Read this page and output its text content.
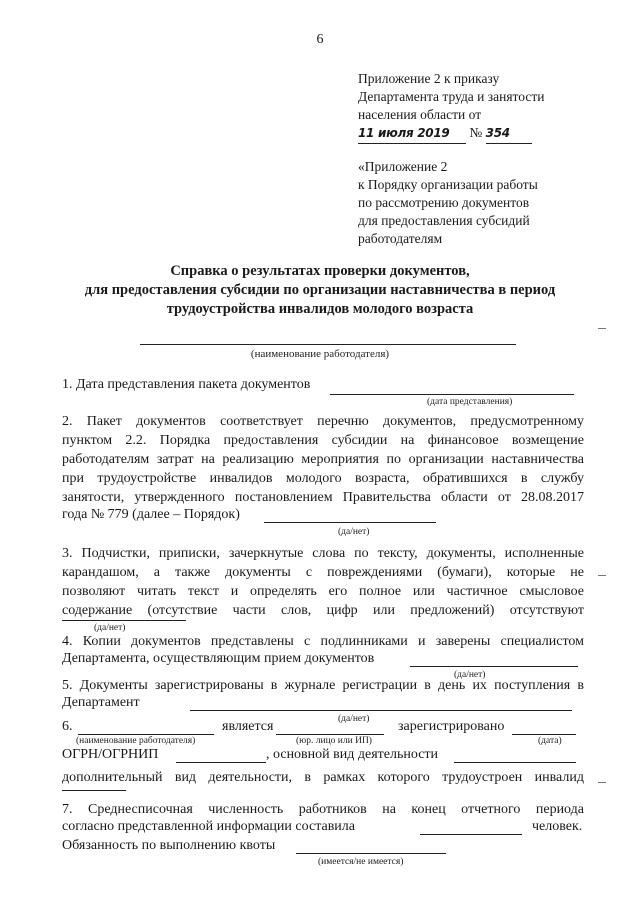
6
Приложение 2 к приказу
Департамента труда и занятости
населения области от
11 июля 2019 № 354
«Приложение 2
к Порядку организации работы
по рассмотрению документов
для предоставления субсидий
работодателям
Справка о результатах проверки документов,
для предоставления субсидии по организации наставничества в период
трудоустройства инвалидов молодого возраста
(наименование работодателя)
1. Дата представления пакета документов
(дата представления)
2. Пакет документов соответствует перечню документов, предусмотренному
пунктом 2.2. Порядка предоставления субсидии на финансовое возмещение
работодателям затрат на реализацию мероприятия по организации наставничества
при трудоустройстве инвалидов молодого возраста, обратившихся в службу
занятости, утвержденного постановлением Правительства области от 28.08.2017
года № 779 (далее – Порядок)
(да/нет)
3. Подчистки, приписки, зачеркнутые слова по тексту, документы, исполненные
карандашом, а также документы с повреждениями (бумаги), которые не
позволяют читать текст и определять его полное или частичное смысловое
содержание (отсутствие части слов, цифр или предложений) отсутствуют
(да/нет)
4. Копии документов представлены с подлинниками и заверены специалистом
Департамента, осуществляющим прием документов
(да/нет)
5. Документы зарегистрированы в журнале регистрации в день их поступления в
Департамент
(да/нет)
6.	является	зарегистрировано
(наименование работодателя)	(юр. лицо или ИП)	(дата)
ОГРН/ОГРНИП	, основной вид деятельности
дополнительный вид деятельности, в рамках которого трудоустроен инвалид
7. Среднесписочная численность работников на конец отчетного периода
согласно представленной информации составила	человек.
Обязанность по выполнению квоты
(имеется/не имеется)
